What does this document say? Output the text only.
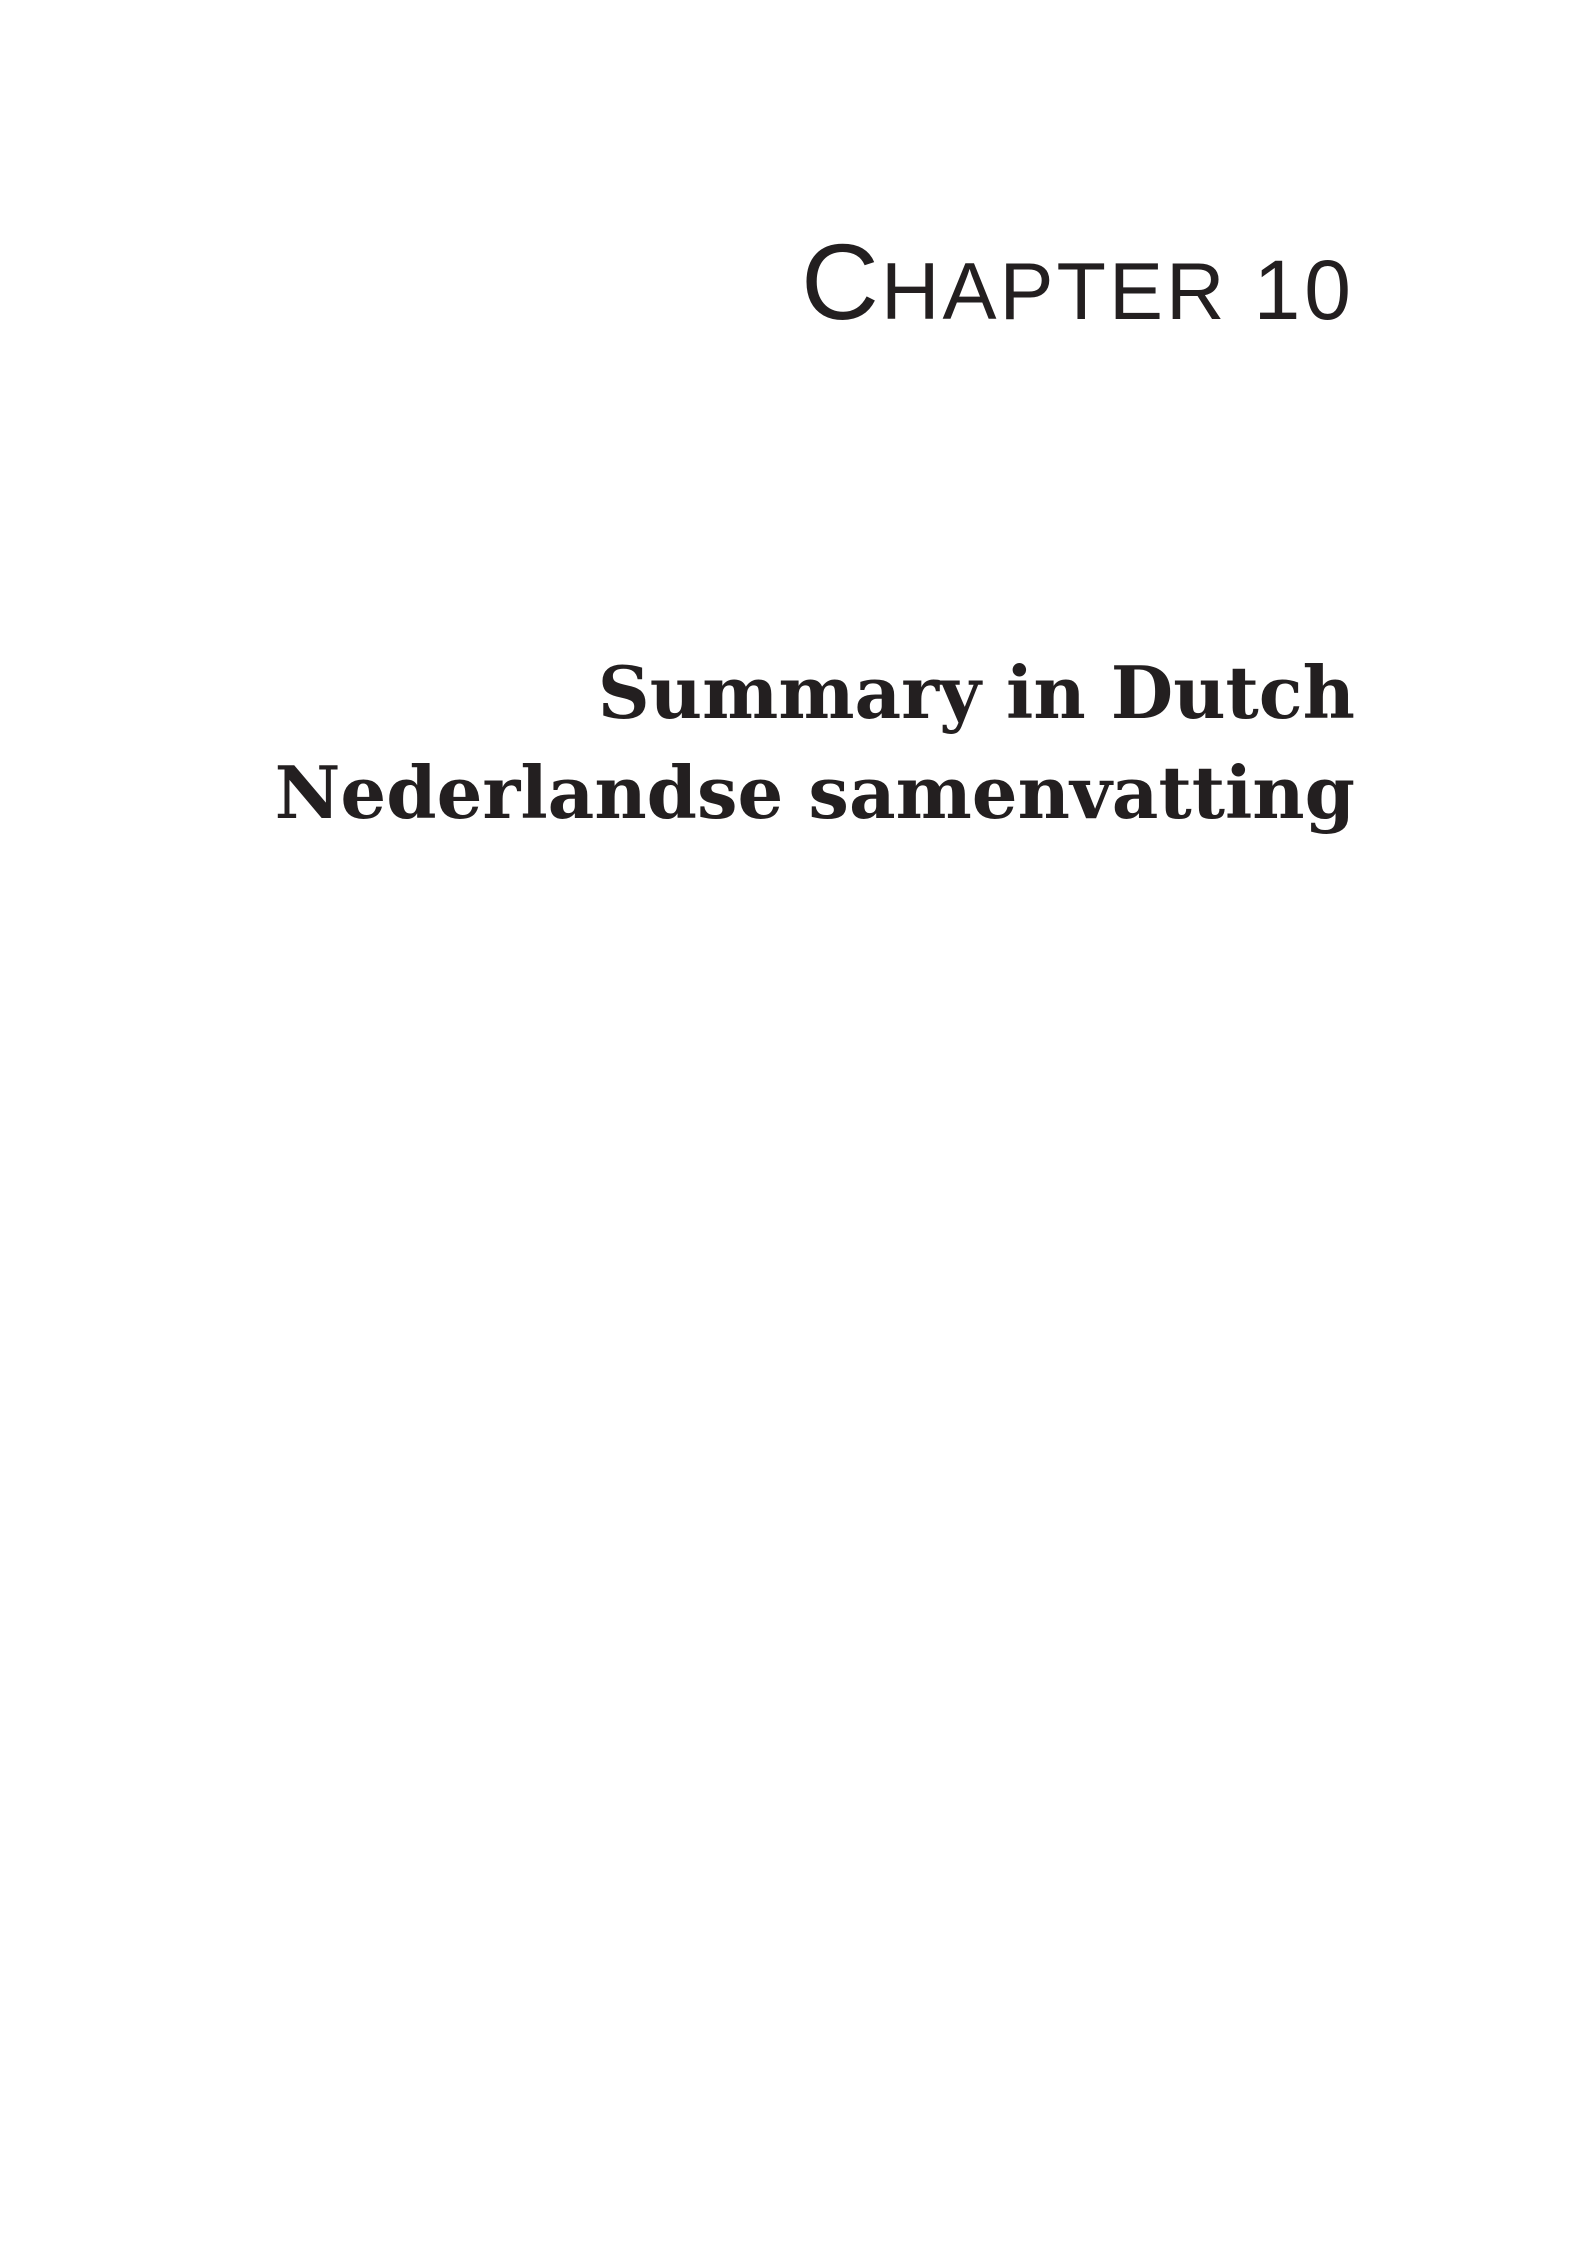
CHAPTER 10
Summary in Dutch
Nederlandse samenvatting
